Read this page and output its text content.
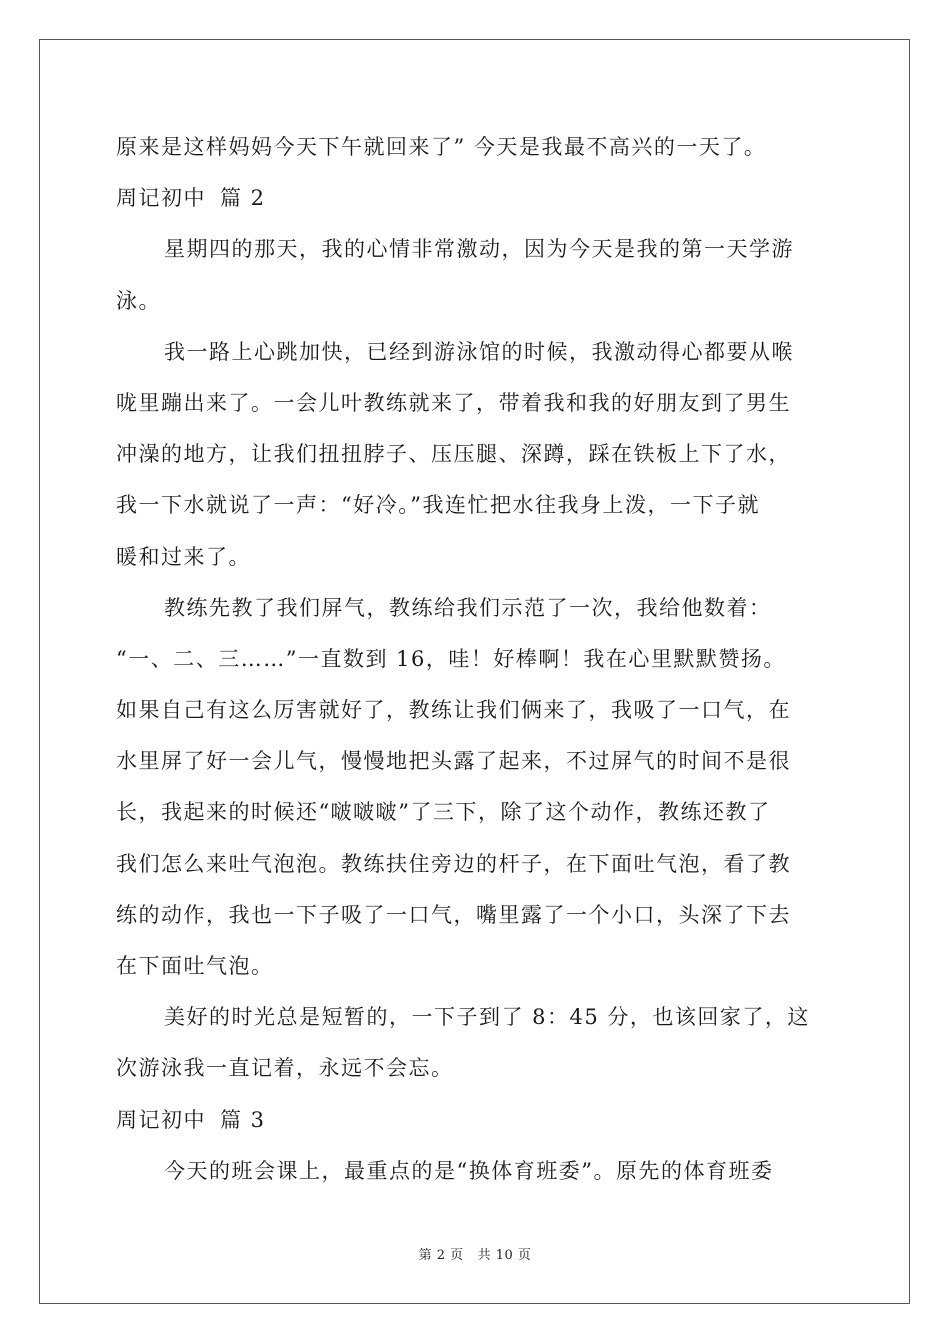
原来是这样妈妈今天下午就回来了” 今天是我最不高兴的一天了。
周记初中 篇 2
星期四的那天，我的心情非常激动，因为今天是我的第一天学游
泳。
我一路上心跳加快，已经到游泳馆的时候，我激动得心都要从喉
咙里蹦出来了。一会儿叶教练就来了，带着我和我的好朋友到了男生
冲澡的地方，让我们扭扭脖子、压压腿、深蹲，踩在铁板上下了水，
我一下水就说了一声：“好冷。”我连忙把水往我身上泼，一下子就
暖和过来了。
教练先教了我们屏气，教练给我们示范了一次，我给他数着：
“一、二、三……”一直数到 16，哇！好棒啊！我在心里默默赞扬。
如果自己有这么厉害就好了，教练让我们俩来了，我吸了一口气，在
水里屏了好一会儿气，慢慢地把头露了起来，不过屏气的时间不是很
长，我起来的时候还“啵啵啵”了三下，除了这个动作，教练还教了
我们怎么来吐气泡泡。教练扶住旁边的杆子，在下面吐气泡，看了教
练的动作，我也一下子吸了一口气，嘴里露了一个小口，头深了下去
在下面吐气泡。
美好的时光总是短暂的，一下子到了 8：45 分，也该回家了，这
次游泳我一直记着，永远不会忘。
周记初中 篇 3
今天的班会课上，最重点的是“换体育班委”。原先的体育班委
第 2 页 共 10 页
